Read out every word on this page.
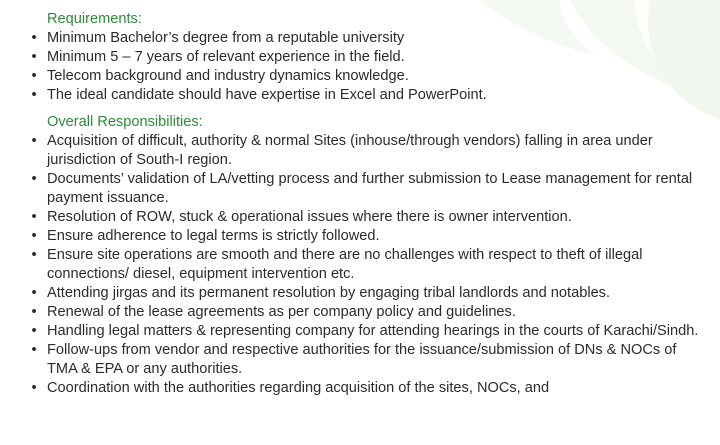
Requirements:
• Minimum Bachelor’s degree from a reputable university
• Minimum 5 – 7 years of relevant experience in the field.
• Telecom background and industry dynamics knowledge.
• The ideal candidate should have expertise in Excel and PowerPoint.
Overall Responsibilities:
• Acquisition of difficult, authority & normal Sites (inhouse/through vendors) falling in area under jurisdiction of South-I region.
• Documents’ validation of LA/vetting process and further submission to Lease management for rental payment issuance.
• Resolution of ROW, stuck & operational issues where there is owner intervention.
• Ensure adherence to legal terms is strictly followed.
• Ensure site operations are smooth and there are no challenges with respect to theft of illegal connections/ diesel, equipment intervention etc.
• Attending jirgas and its permanent resolution by engaging tribal landlords and notables.
• Renewal of the lease agreements as per company policy and guidelines.
• Handling legal matters & representing company for attending hearings in the courts of Karachi/Sindh.
• Follow-ups from vendor and respective authorities for the issuance/submission of DNs & NOCs of TMA & EPA or any authorities.
• Coordination with the authorities regarding acquisition of the sites, NOCs, and
